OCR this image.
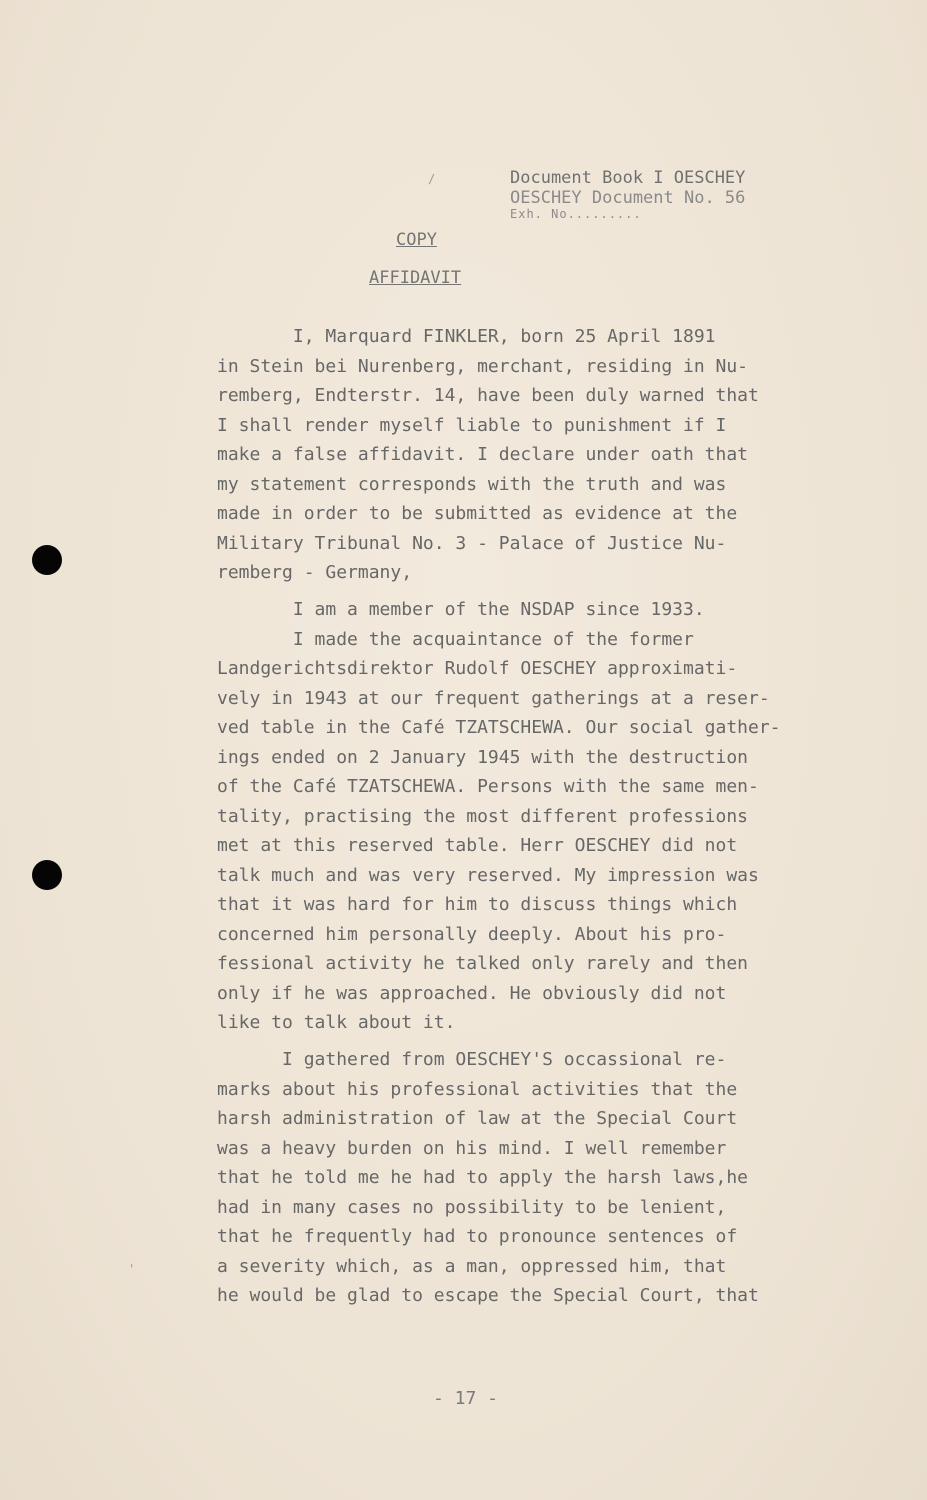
Document Book I OESCHEY
OESCHEY Document No. 56
Exh. No.........
COPY
AFFIDAVIT
I, Marquard FINKLER, born 25 April 1891
in Stein bei Nurenberg, merchant, residing in Nu-
remberg, Endterstr. 14, have been duly warned that
I shall render myself liable to punishment if I
make a false affidavit. I declare under oath that
my statement corresponds with the truth and was
made in order to be submitted as evidence at the
Military Tribunal No. 3 - Palace of Justice Nu-
remberg - Germany,
I am a member of the NSDAP since 1933.
I made the acquaintance of the former
Landgerichtsdirektor Rudolf OESCHEY approximati-
vely in 1943 at our frequent gatherings at a reser-
ved table in the Café TZATSCHEWA. Our social gather-
ings ended on 2 January 1945 with the destruction
of the Café TZATSCHEWA. Persons with the same men-
tality, practising the most different professions
met at this reserved table. Herr OESCHEY did not
talk much and was very reserved. My impression was
that it was hard for him to discuss things which
concerned him personally deeply. About his pro-
fessional activity he talked only rarely and then
only if he was approached. He obviously did not
like to talk about it.
I gathered from OESCHEY'S occassional re-
marks about his professional activities that the
harsh administration of law at the Special Court
was a heavy burden on his mind. I well remember
that he told me he had to apply the harsh laws,he
had in many cases no possibility to be lenient,
that he frequently had to pronounce sentences of
a severity which, as a man, oppressed him, that
he would be glad to escape the Special Court, that
- 17 -
/
'
